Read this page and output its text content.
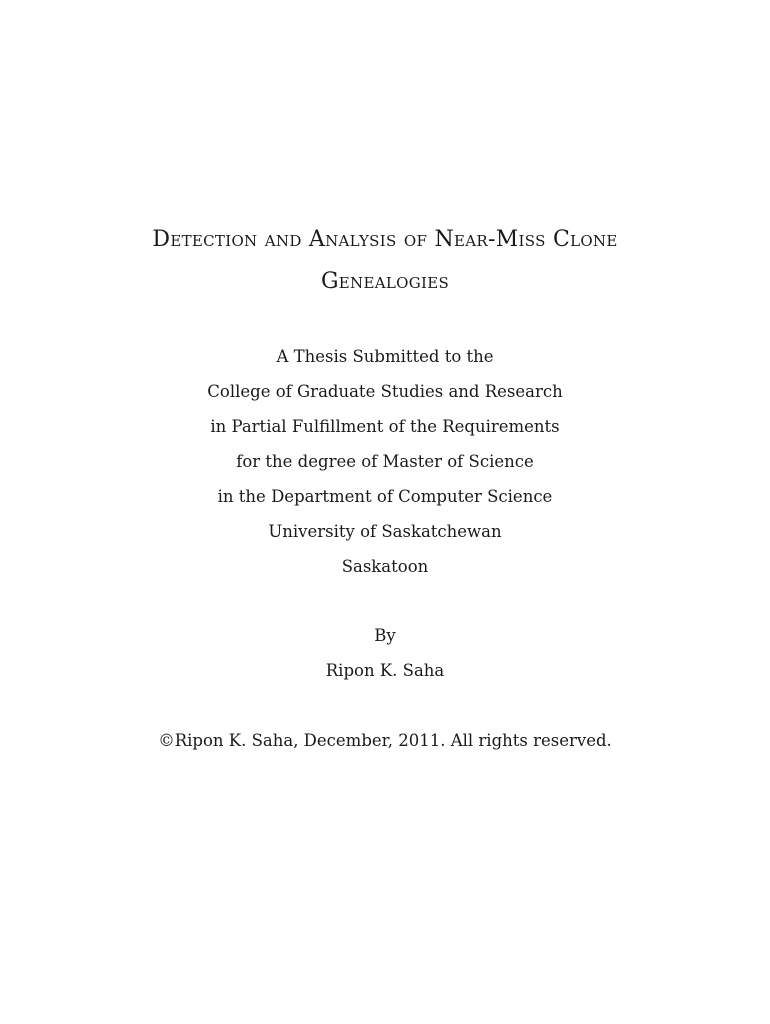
Detection and Analysis of Near-Miss Clone
Genealogies
A Thesis Submitted to the
College of Graduate Studies and Research
in Partial Fulfillment of the Requirements
for the degree of Master of Science
in the Department of Computer Science
University of Saskatchewan
Saskatoon
By
Ripon K. Saha
©Ripon K. Saha, December, 2011. All rights reserved.
